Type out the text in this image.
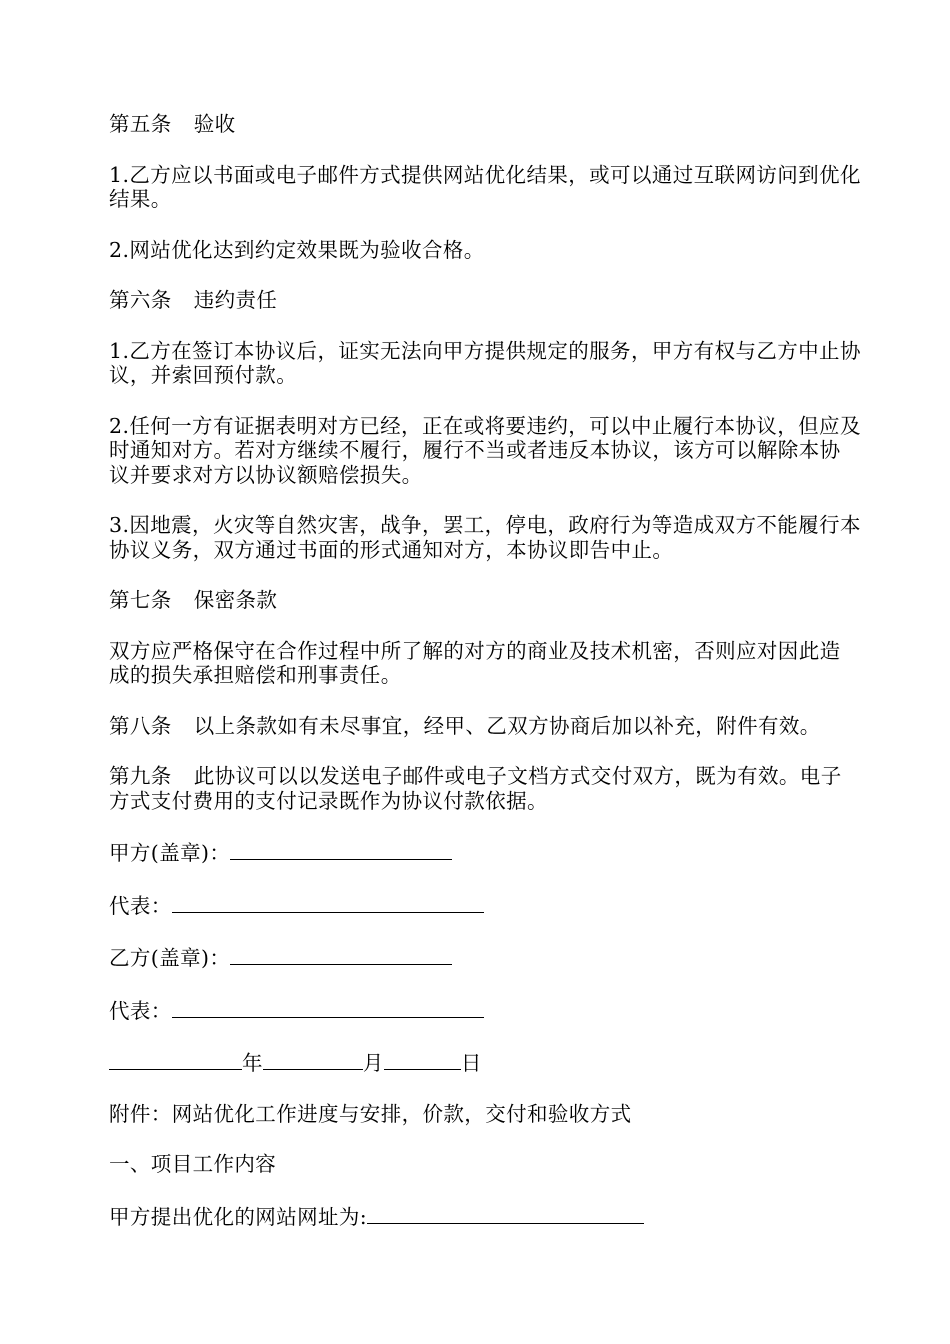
第五条 验收

1.乙方应以书面或电子邮件方式提供网站优化结果，或可以通过互联网访问到优化结果。

2.网站优化达到约定效果既为验收合格。

第六条 违约责任

1.乙方在签订本协议后，证实无法向甲方提供规定的服务，甲方有权与乙方中止协议，并索回预付款。

2.任何一方有证据表明对方已经，正在或将要违约，可以中止履行本协议，但应及时通知对方。若对方继续不履行，履行不当或者违反本协议，该方可以解除本协议并要求对方以协议额赔偿损失。

3.因地震，火灾等自然灾害，战争，罢工，停电，政府行为等造成双方不能履行本协议义务，双方通过书面的形式通知对方，本协议即告中止。

第七条 保密条款

双方应严格保守在合作过程中所了解的对方的商业及技术机密，否则应对因此造成的损失承担赔偿和刑事责任。

第八条 以上条款如有未尽事宜，经甲、乙双方协商后加以补充，附件有效。

第九条 此协议可以以发送电子邮件或电子文档方式交付双方，既为有效。电子方式支付费用的支付记录既作为协议付款依据。

甲方(盖章)：

代表：

乙方(盖章)：

代表：

年	月	日

附件：网站优化工作进度与安排，价款，交付和验收方式

一、项目工作内容

甲方提出优化的网站网址为:
